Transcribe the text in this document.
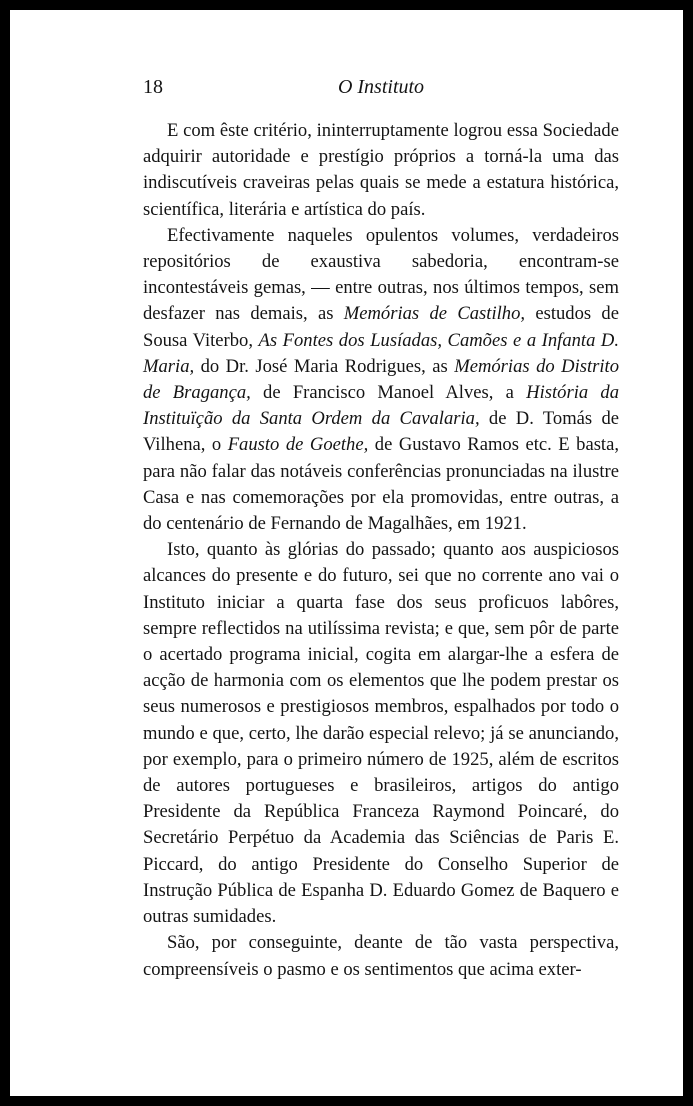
18	O Instituto

E com êste critério, ininterruptamente logrou essa Sociedade adquirir autoridade e prestígio próprios a torná-la uma das indiscutíveis craveiras pelas quais se mede a estatura histórica, scientífica, literária e artística do país.

Efectivamente naqueles opulentos volumes, verdadeiros repositórios de exaustiva sabedoria, encontram-se incontestáveis gemas, — entre outras, nos últimos tempos, sem desfazer nas demais, as Memórias de Castilho, estudos de Sousa Viterbo, As Fontes dos Lusíadas, Camões e a Infanta D. Maria, do Dr. José Maria Rodrigues, as Memórias do Distrito de Bragança, de Francisco Manoel Alves, a História da Instituïção da Santa Ordem da Cavalaria, de D. Tomás de Vilhena, o Fausto de Goethe, de Gustavo Ramos etc. E basta, para não falar das notáveis conferências pronunciadas na ilustre Casa e nas comemorações por ela promovidas, entre outras, a do centenário de Fernando de Magalhães, em 1921.

Isto, quanto às glórias do passado; quanto aos auspiciosos alcances do presente e do futuro, sei que no corrente ano vai o Instituto iniciar a quarta fase dos seus proficuos labôres, sempre reflectidos na utilíssima revista; e que, sem pôr de parte o acertado programa inicial, cogita em alargar-lhe a esfera de acção de harmonia com os elementos que lhe podem prestar os seus numerosos e prestigiosos membros, espalhados por todo o mundo e que, certo, lhe darão especial relevo; já se anunciando, por exemplo, para o primeiro número de 1925, além de escritos de autores portugueses e brasileiros, artigos do antigo Presidente da República Franceza Raymond Poincaré, do Secretário Perpétuo da Academia das Sciências de Paris E. Piccard, do antigo Presidente do Conselho Superior de Instrução Pública de Espanha D. Eduardo Gomez de Baquero e outras sumidades.

São, por conseguinte, deante de tão vasta perspectiva, compreensíveis o pasmo e os sentimentos que acima exter-
